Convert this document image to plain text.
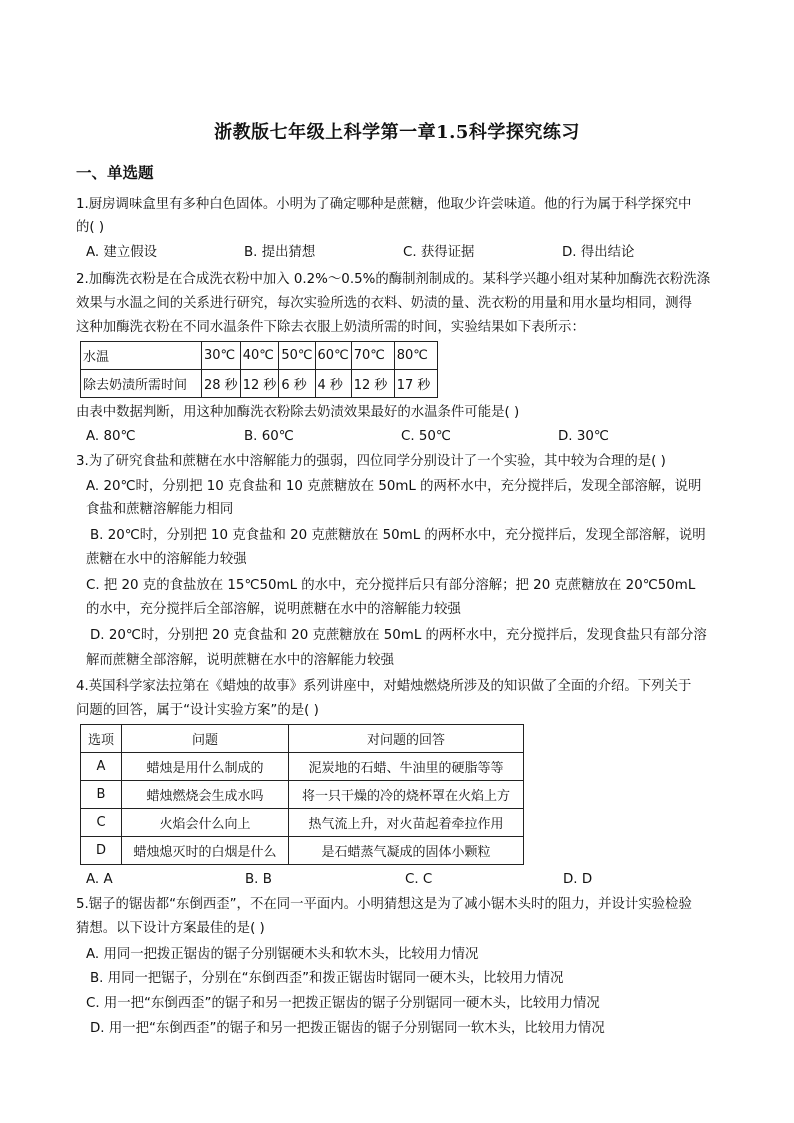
浙教版七年级上科学第一章1.5科学探究练习
一、单选题
1.厨房调味盒里有多种白色固体。小明为了确定哪种是蔗糖，他取少许尝味道。他的行为属于科学探究中
的( )
A. 建立假设	B. 提出猜想	C. 获得证据	D. 得出结论
2.加酶洗衣粉是在合成洗衣粉中加入 0.2%～0.5%的酶制剂制成的。某科学兴趣小组对某种加酶洗衣粉洗涤
效果与水温之间的关系进行研究，每次实验所选的衣料、奶渍的量、洗衣粉的用量和用水量均相同，测得
这种加酶洗衣粉在不同水温条件下除去衣服上奶渍所需的时间，实验结果如下表所示：
水温	30℃	40℃	50℃	60℃	70℃	80℃
除去奶渍所需时间	28 秒	12 秒	6 秒	4 秒	12 秒	17 秒
由表中数据判断，用这种加酶洗衣粉除去奶渍效果最好的水温条件可能是( )
A. 80℃	B. 60℃	C. 50℃	D. 30℃
3.为了研究食盐和蔗糖在水中溶解能力的强弱，四位同学分别设计了一个实验，其中较为合理的是( )
A. 20℃时，分别把 10 克食盐和 10 克蔗糖放在 50mL 的两杯水中，充分搅拌后，发现全部溶解，说明
食盐和蔗糖溶解能力相同
B. 20℃时，分别把 10 克食盐和 20 克蔗糖放在 50mL 的两杯水中，充分搅拌后，发现全部溶解，说明
蔗糖在水中的溶解能力较强
C. 把 20 克的食盐放在 15℃50mL 的水中，充分搅拌后只有部分溶解；把 20 克蔗糖放在 20℃50mL
的水中，充分搅拌后全部溶解，说明蔗糖在水中的溶解能力较强
D. 20℃时，分别把 20 克食盐和 20 克蔗糖放在 50mL 的两杯水中，充分搅拌后，发现食盐只有部分溶
解而蔗糖全部溶解，说明蔗糖在水中的溶解能力较强
4.英国科学家法拉第在《蜡烛的故事》系列讲座中，对蜡烛燃烧所涉及的知识做了全面的介绍。下列关于
问题的回答，属于“设计实验方案”的是( )
选项	问题	对问题的回答
A	蜡烛是用什么制成的	泥炭地的石蜡、牛油里的硬脂等等
B	蜡烛燃烧会生成水吗	将一只干燥的冷的烧杯罩在火焰上方
C	火焰会什么向上	热气流上升，对火苗起着牵拉作用
D	蜡烛熄灭时的白烟是什么	是石蜡蒸气凝成的固体小颗粒
A. A	B. B	C. C	D. D
5.锯子的锯齿都“东倒西歪”，不在同一平面内。小明猜想这是为了减小锯木头时的阻力，并设计实验检验
猜想。以下设计方案最佳的是( )
A. 用同一把拨正锯齿的锯子分别锯硬木头和软木头，比较用力情况
B. 用同一把锯子，分别在“东倒西歪”和拨正锯齿时锯同一硬木头，比较用力情况
C. 用一把“东倒西歪”的锯子和另一把拨正锯齿的锯子分别锯同一硬木头，比较用力情况
D. 用一把“东倒西歪”的锯子和另一把拨正锯齿的锯子分别锯同一软木头，比较用力情况
